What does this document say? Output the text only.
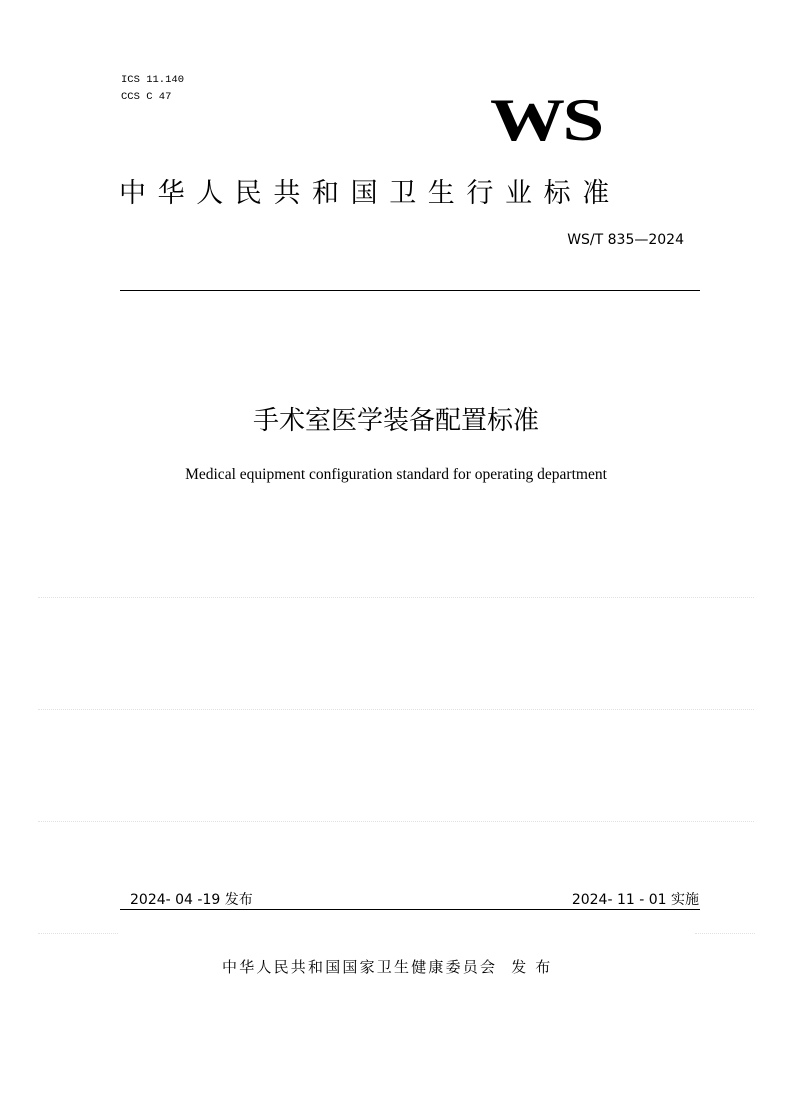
ICS 11.140
CCS C 47	WS
中华人民共和国卫生行业标准
WS/T 835—2024
手术室医学装备配置标准
Medical equipment configuration standard for operating department
2024- 04 -19 发布	2024- 11 - 01 实施
中华人民共和国国家卫生健康委员会 发布
